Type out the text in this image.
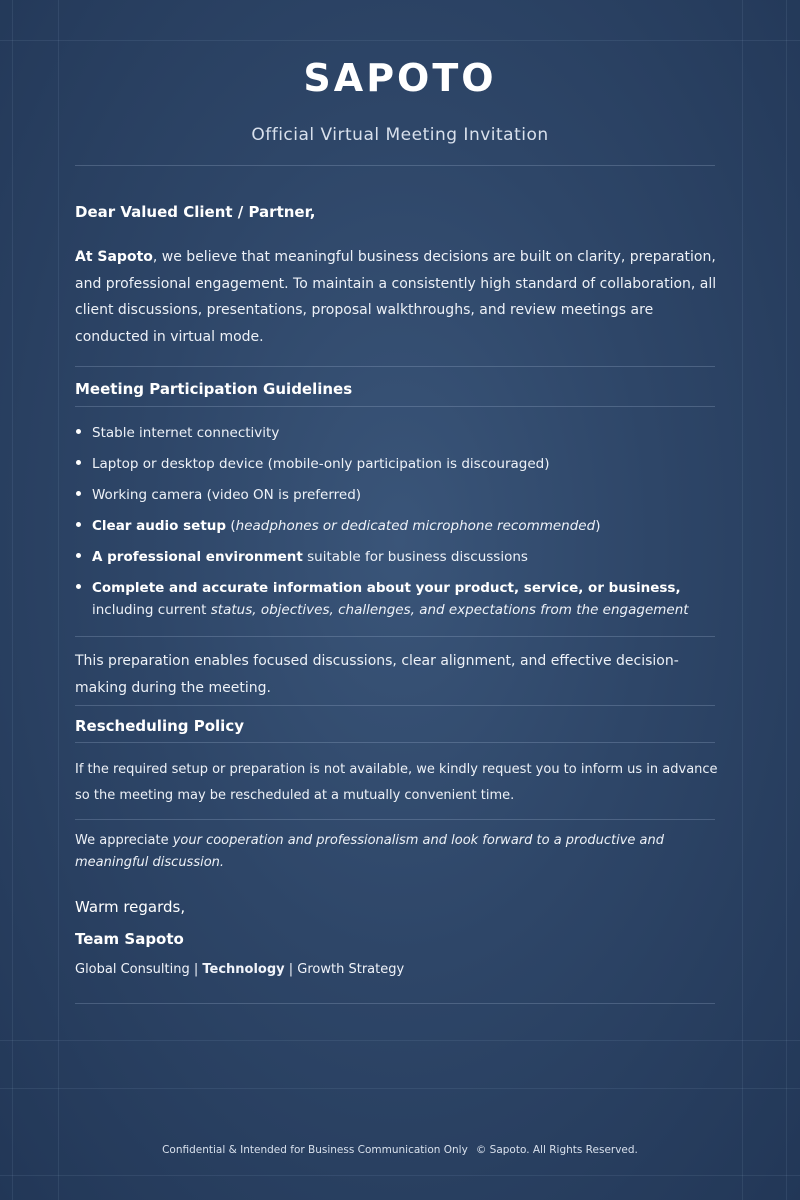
SAPOTO
Official Virtual Meeting Invitation
Dear Valued Client / Partner,
At Sapoto, we believe that meaningful business decisions are built on clarity, preparation, and professional engagement. To maintain a consistently high standard of collaboration, all client discussions, presentations, proposal walkthroughs, and review meetings are conducted in virtual mode.
Meeting Participation Guidelines
Stable internet connectivity
Laptop or desktop device (mobile-only participation is discouraged)
Working camera (video ON is preferred)
Clear audio setup (headphones or dedicated microphone recommended)
A professional environment suitable for business discussions
Complete and accurate information about your product, service, or business, including current status, objectives, challenges, and expectations from the engagement
This preparation enables focused discussions, clear alignment, and effective decision-making during the meeting.
Rescheduling Policy
If the required setup or preparation is not available, we kindly request you to inform us in advance
so the meeting may be rescheduled at a mutually convenient time.
We appreciate your cooperation and professionalism and look forward to a productive and meaningful discussion.
Warm regards,
Team Sapoto
Global Consulting | Technology | Growth Strategy
Confidential & Intended for Business Communication Only © Sapoto. All Rights Reserved.
